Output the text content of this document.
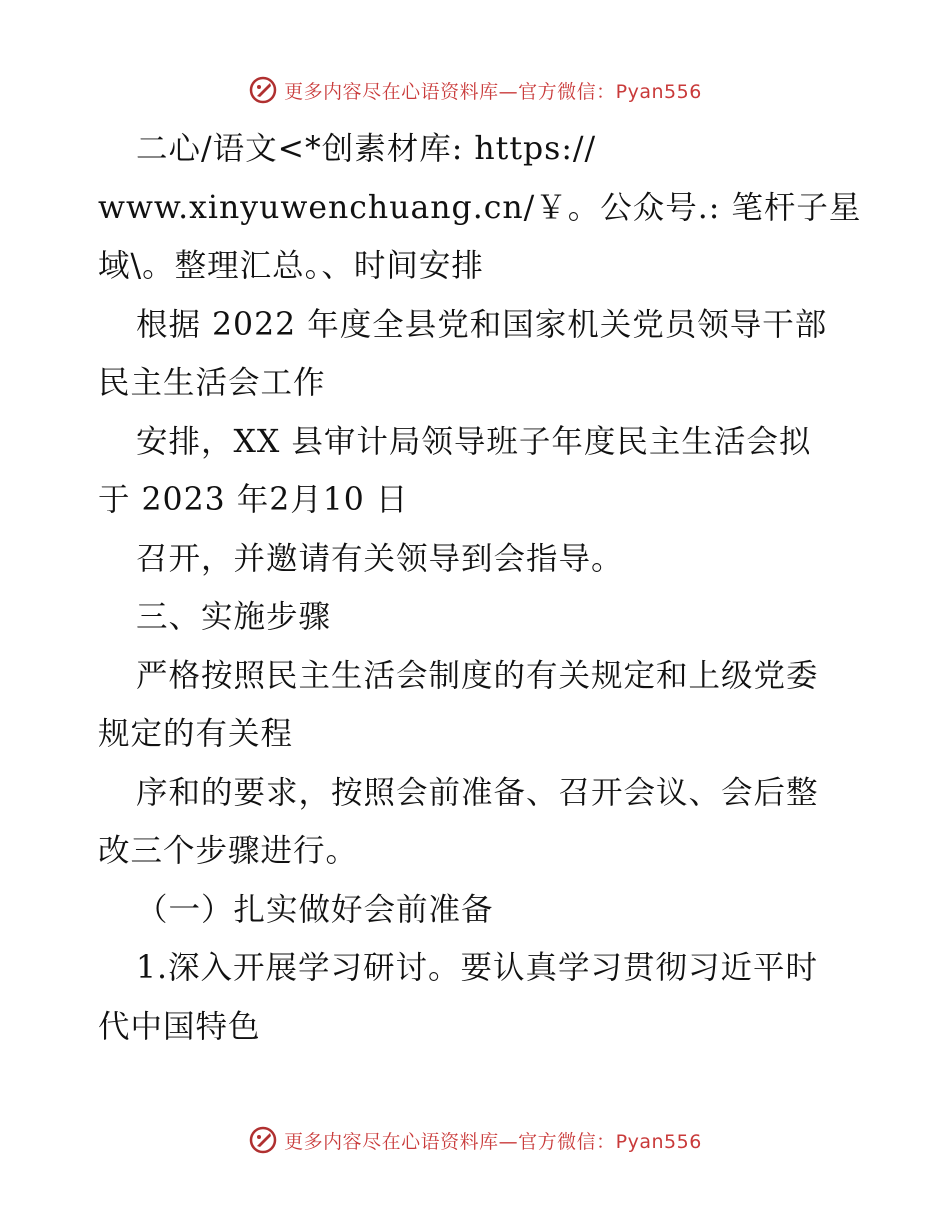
更多内容尽在心语资料库—官方微信：Pyan556
二心/语文<*创素材库: https://
www.xinyuwenchuang.cn/￥。公众号.: 笔杆子星
域\。整理汇总。、时间安排
根据 2022 年度全县党和国家机关党员领导干部
民主生活会工作
安排，XX 县审计局领导班子年度民主生活会拟
于 2023 年2月10 日
召开，并邀请有关领导到会指导。
三、实施步骤
严格按照民主生活会制度的有关规定和上级党委
规定的有关程
序和的要求，按照会前准备、召开会议、会后整
改三个步骤进行。
（一）扎实做好会前准备
1.深入开展学习研讨。要认真学习贯彻习近平时
代中国特色
更多内容尽在心语资料库—官方微信：Pyan556
